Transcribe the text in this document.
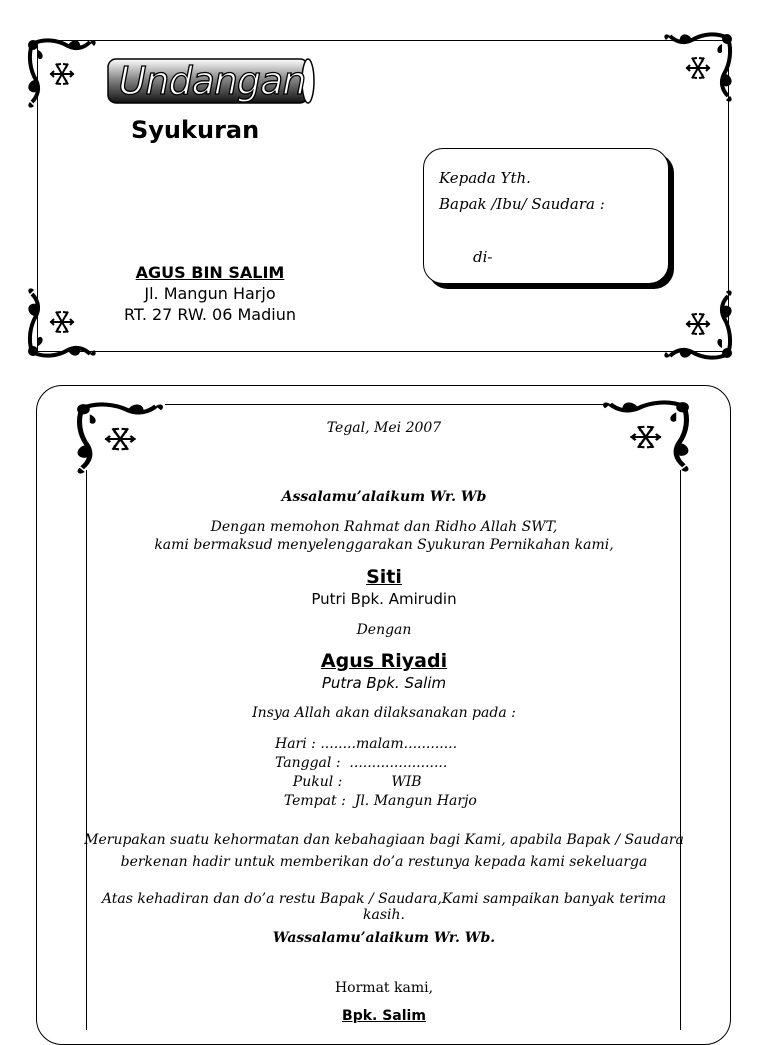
Undangan
Syukuran
Kepada Yth.
Bapak /Ibu/ Saudara :
di-
AGUS BIN SALIM
Jl. Mangun Harjo
RT. 27 RW. 06 Madiun
Tegal, Mei 2007
Assalamu’alaikum Wr. Wb
Dengan memohon Rahmat dan Ridho Allah SWT,
kami bermaksud menyelenggarakan Syukuran Pernikahan kami,
Siti
Putri Bpk. Amirudin
Dengan
Agus Riyadi
Putra Bpk. Salim
Insya Allah akan dilaksanakan pada :
Hari : ........malam............
Tanggal :  ......................
Pukul :           WIB
Tempat :  Jl. Mangun Harjo
Merupakan suatu kehormatan dan kebahagiaan bagi Kami, apabila Bapak / Saudara
berkenan hadir untuk memberikan do’a restunya kepada kami sekeluarga
Atas kehadiran dan do’a restu Bapak / Saudara,Kami sampaikan banyak terima kasih.
Wassalamu’alaikum Wr. Wb.
Hormat kami,
Bpk. Salim
